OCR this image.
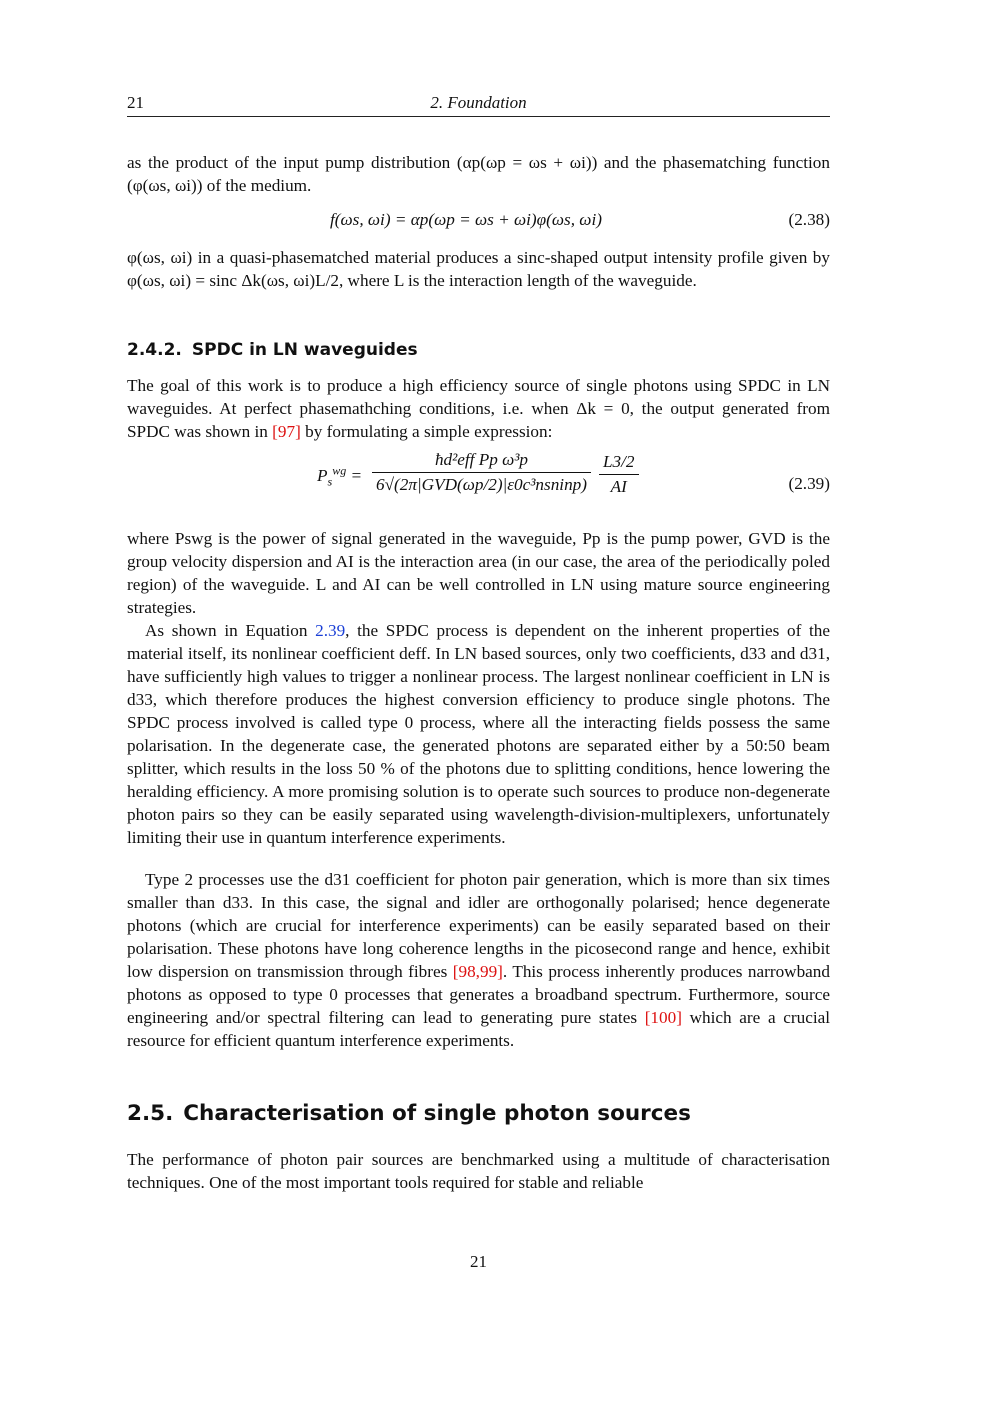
21	2. Foundation
as the product of the input pump distribution (αp(ωp = ωs + ωi)) and the phasematching function (φ(ωs, ωi)) of the medium.
f(ωs, ωi) = αp(ωp = ωs + ωi)φ(ωs, ωi)	(2.38)
φ(ωs, ωi) in a quasi-phasematched material produces a sinc-shaped output intensity profile given by φ(ωs, ωi) = sinc Δk(ωs, ωi)L/2, where L is the interaction length of the waveguide.
2.4.2. SPDC in LN waveguides
The goal of this work is to produce a high efficiency source of single photons using SPDC in LN waveguides. At perfect phasemathching conditions, i.e. when Δk = 0, the output generated from SPDC was shown in [97] by formulating a simple expression:
$P_s^{wg}$ =
ħd²eff Pp ω³p
6√(2π|GVD(ωp/2)|ε0c³nsninp) $\frac{L3/2}{AI}$	(2.39)
where Pswg is the power of signal generated in the waveguide, Pp is the pump power, GVD is the group velocity dispersion and AI is the interaction area (in our case, the area of the periodically poled region) of the waveguide. L and AI can be well controlled in LN using mature source engineering strategies.
As shown in Equation 2.39, the SPDC process is dependent on the inherent properties of the material itself, its nonlinear coefficient deff. In LN based sources, only two coefficients, d33 and d31, have sufficiently high values to trigger a nonlinear process. The largest nonlinear coefficient in LN is d33, which therefore produces the highest conversion efficiency to produce single photons. The SPDC process involved is called type 0 process, where all the interacting fields possess the same polarisation. In the degenerate case, the generated photons are separated either by a 50:50 beam splitter, which results in the loss 50 % of the photons due to splitting conditions, hence lowering the heralding efficiency. A more promising solution is to operate such sources to produce non-degenerate photon pairs so they can be easily separated using wavelength-division-multiplexers, unfortunately limiting their use in quantum interference experiments.
Type 2 processes use the d31 coefficient for photon pair generation, which is more than six times smaller than d33. In this case, the signal and idler are orthogonally polarised; hence degenerate photons (which are crucial for interference experiments) can be easily separated based on their polarisation. These photons have long coherence lengths in the picosecond range and hence, exhibit low dispersion on transmission through fibres [98,99]. This process inherently produces narrowband photons as opposed to type 0 processes that generates a broadband spectrum. Furthermore, source engineering and/or spectral filtering can lead to generating pure states [100] which are a crucial resource for efficient quantum interference experiments.
2.5. Characterisation of single photon sources
The performance of photon pair sources are benchmarked using a multitude of characterisation techniques. One of the most important tools required for stable and reliable
21
